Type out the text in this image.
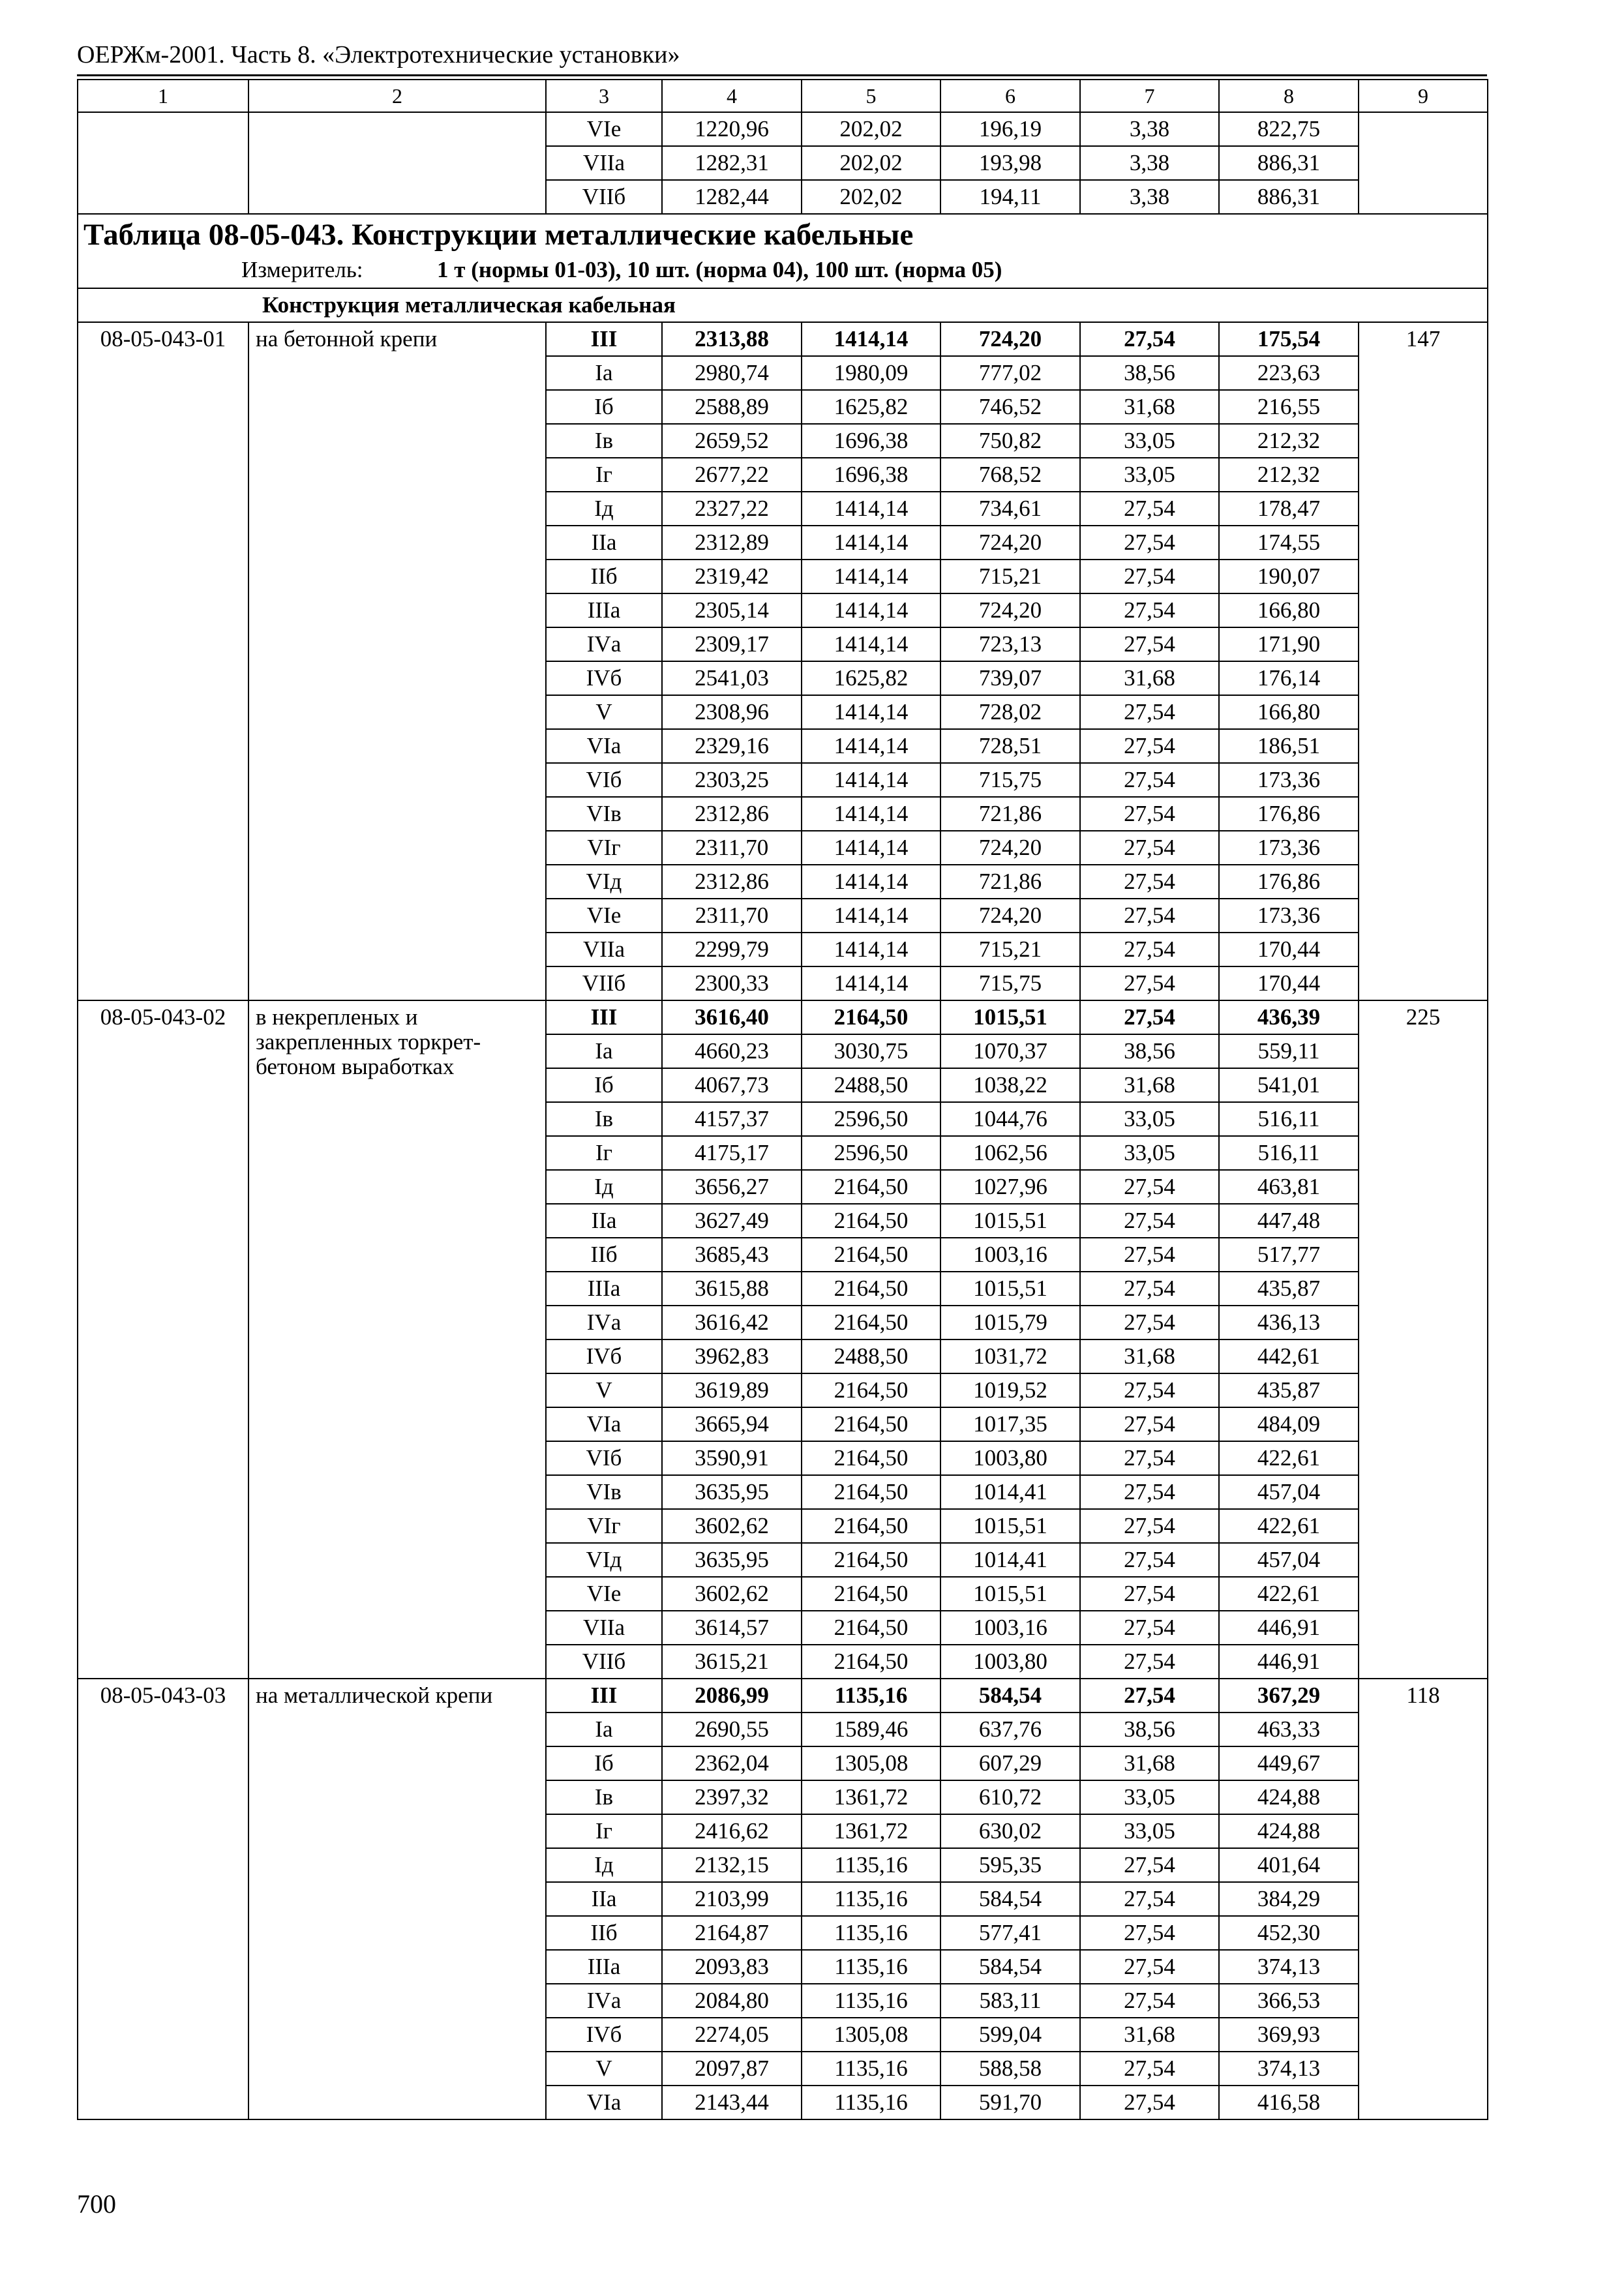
ОЕРЖм-2001. Часть 8. «Электротехнические установки»
1	2	3	4	5	6	7	8	9
		VIе	1220,96	202,02	196,19	3,38	822,75	
		VIIа	1282,31	202,02	193,98	3,38	886,31	
		VIIб	1282,44	202,02	194,11	3,38	886,31	

Таблица 08-05-043. Конструкции металлические кабельные
Измеритель: 1 т (нормы 01-03), 10 шт. (норма 04), 100 шт. (норма 05)								

Конструкция металлическая кабельная								
08-05-043-01	на бетонной крепи	III	2313,88	1414,14	724,20	27,54	175,54	147
		Iа	2980,74	1980,09	777,02	38,56	223,63	
		Iб	2588,89	1625,82	746,52	31,68	216,55	
		Iв	2659,52	1696,38	750,82	33,05	212,32	
		Iг	2677,22	1696,38	768,52	33,05	212,32	
		Iд	2327,22	1414,14	734,61	27,54	178,47	
		IIа	2312,89	1414,14	724,20	27,54	174,55	
		IIб	2319,42	1414,14	715,21	27,54	190,07	
		IIIа	2305,14	1414,14	724,20	27,54	166,80	
		IVа	2309,17	1414,14	723,13	27,54	171,90	
		IVб	2541,03	1625,82	739,07	31,68	176,14	
		V	2308,96	1414,14	728,02	27,54	166,80	
		VIа	2329,16	1414,14	728,51	27,54	186,51	
		VIб	2303,25	1414,14	715,75	27,54	173,36	
		VIв	2312,86	1414,14	721,86	27,54	176,86	
		VIг	2311,70	1414,14	724,20	27,54	173,36	
		VIд	2312,86	1414,14	721,86	27,54	176,86	
		VIе	2311,70	1414,14	724,20	27,54	173,36	
		VIIа	2299,79	1414,14	715,21	27,54	170,44	
		VIIб	2300,33	1414,14	715,75	27,54	170,44	
08-05-043-02	в некрепленых и закрепленных торкрет-бетоном выработках	III	3616,40	2164,50	1015,51	27,54	436,39	225
		Iа	4660,23	3030,75	1070,37	38,56	559,11	
		Iб	4067,73	2488,50	1038,22	31,68	541,01	
		Iв	4157,37	2596,50	1044,76	33,05	516,11	
		Iг	4175,17	2596,50	1062,56	33,05	516,11	
		Iд	3656,27	2164,50	1027,96	27,54	463,81	
		IIа	3627,49	2164,50	1015,51	27,54	447,48	
		IIб	3685,43	2164,50	1003,16	27,54	517,77	
		IIIа	3615,88	2164,50	1015,51	27,54	435,87	
		IVа	3616,42	2164,50	1015,79	27,54	436,13	
		IVб	3962,83	2488,50	1031,72	31,68	442,61	
		V	3619,89	2164,50	1019,52	27,54	435,87	
		VIа	3665,94	2164,50	1017,35	27,54	484,09	
		VIб	3590,91	2164,50	1003,80	27,54	422,61	
		VIв	3635,95	2164,50	1014,41	27,54	457,04	
		VIг	3602,62	2164,50	1015,51	27,54	422,61	
		VIд	3635,95	2164,50	1014,41	27,54	457,04	
		VIе	3602,62	2164,50	1015,51	27,54	422,61	
		VIIа	3614,57	2164,50	1003,16	27,54	446,91	
		VIIб	3615,21	2164,50	1003,80	27,54	446,91	
08-05-043-03	на металлической крепи	III	2086,99	1135,16	584,54	27,54	367,29	118
		Iа	2690,55	1589,46	637,76	38,56	463,33	
		Iб	2362,04	1305,08	607,29	31,68	449,67	
		Iв	2397,32	1361,72	610,72	33,05	424,88	
		Iг	2416,62	1361,72	630,02	33,05	424,88	
		Iд	2132,15	1135,16	595,35	27,54	401,64	
		IIа	2103,99	1135,16	584,54	27,54	384,29	
		IIб	2164,87	1135,16	577,41	27,54	452,30	
		IIIа	2093,83	1135,16	584,54	27,54	374,13	
		IVа	2084,80	1135,16	583,11	27,54	366,53	
		IVб	2274,05	1305,08	599,04	31,68	369,93	
		V	2097,87	1135,16	588,58	27,54	374,13	
		VIа	2143,44	1135,16	591,70	27,54	416,58	
700
